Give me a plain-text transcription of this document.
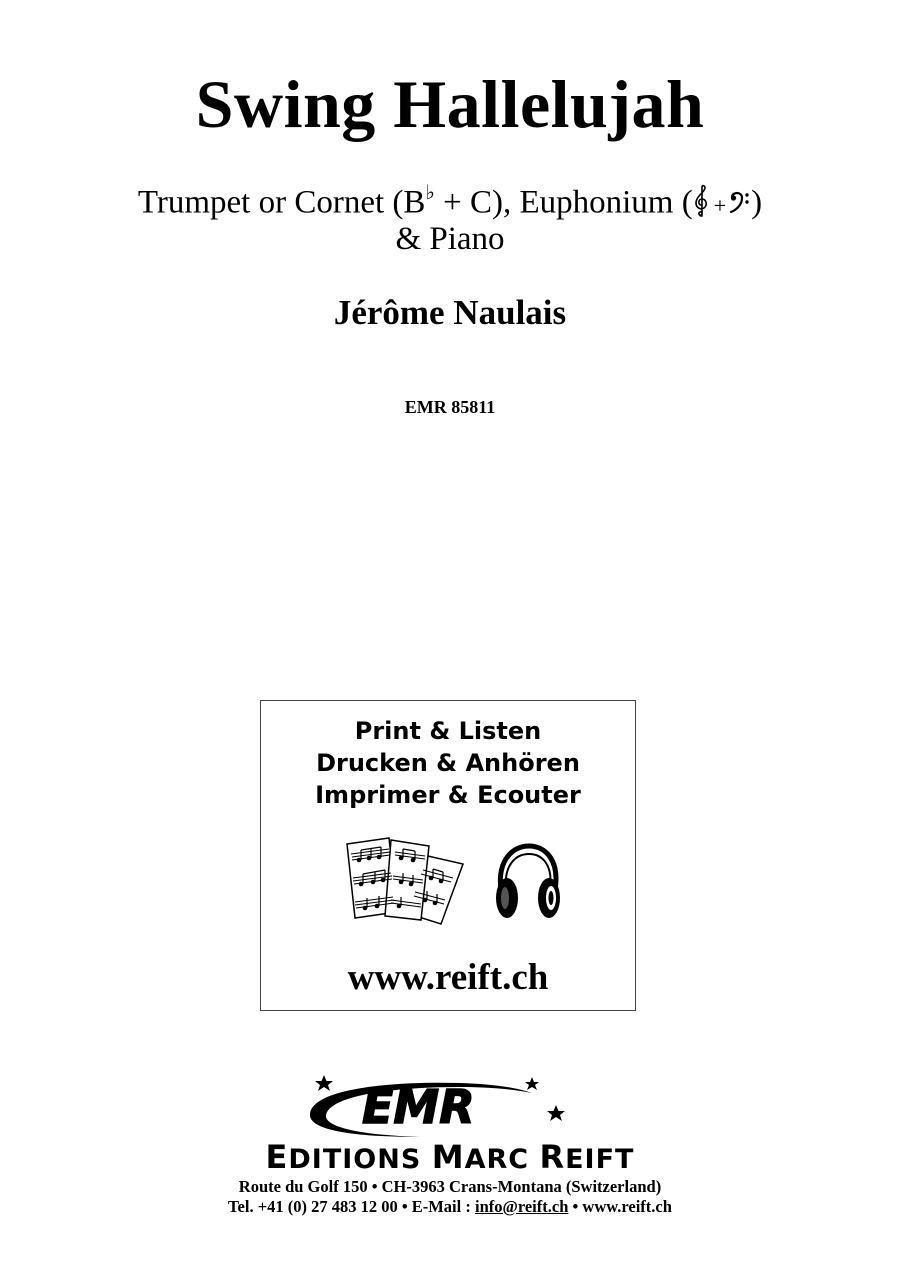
Swing Hallelujah
Trumpet or Cornet (B♭ + C), Euphonium ( + )
& Piano
Jérôme Naulais
EMR 85811
Print & Listen
Drucken & Anhören
Imprimer & Ecouter
www.reift.ch
EMR
EDITIONS MARC REIFT
Route du Golf 150 • CH-3963 Crans-Montana (Switzerland)
Tel. +41 (0) 27 483 12 00 • E-Mail : info@reift.ch • www.reift.ch
